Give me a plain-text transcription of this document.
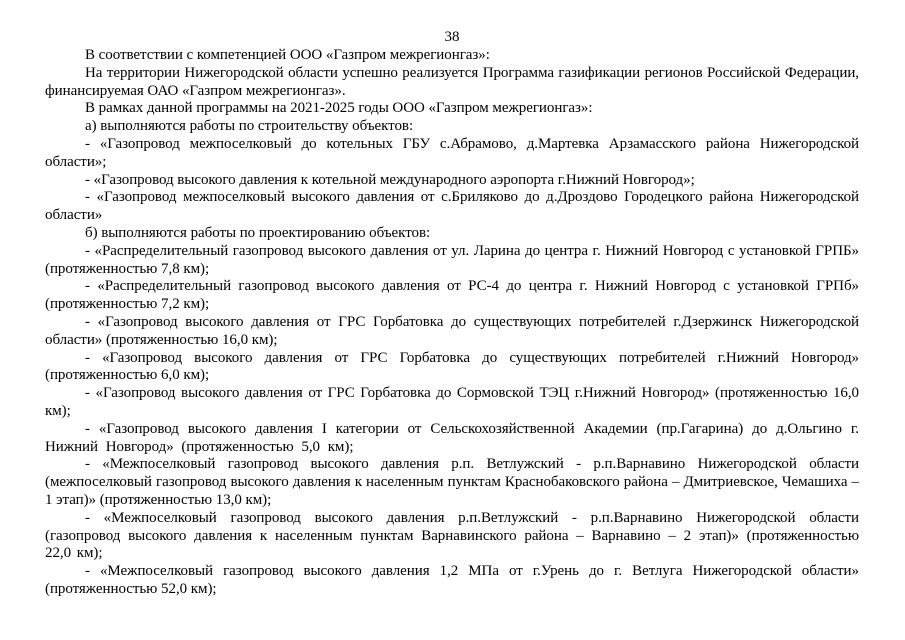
38

В соответствии с компетенцией ООО «Газпром межрегионгаз»:

На территории Нижегородской области успешно реализуется Программа газификации регионов Российской Федерации, финансируемая ОАО «Газпром межрегионгаз».

В рамках данной программы на 2021-2025 годы ООО «Газпром межрегионгаз»:

а) выполняются работы по строительству объектов:

- «Газопровод межпоселковый до котельных ГБУ с.Абрамово, д.Мартевка Арзамасского района Нижегородской области»;

- «Газопровод высокого давления к котельной международного аэропорта г.Нижний Новгород»;

- «Газопровод межпоселковый высокого давления от с.Бриляково до д.Дроздово Городецкого района Нижегородской области»

б) выполняются работы по проектированию объектов:

- «Распределительный газопровод высокого давления от ул. Ларина до центра г. Нижний Новгород с установкой ГРПБ» (протяженностью 7,8 км);

- «Распределительный газопровод высокого давления от РС-4 до центра г. Нижний Новгород с установкой ГРПб» (протяженностью 7,2 км);

- «Газопровод высокого давления от ГРС Горбатовка до существующих потребителей г.Дзержинск Нижегородской области» (протяженностью 16,0 км);

- «Газопровод высокого давления от ГРС Горбатовка до существующих потребителей г.Нижний Новгород» (протяженностью 6,0 км);

- «Газопровод высокого давления от ГРС Горбатовка до Сормовской ТЭЦ г.Нижний Новгород» (протяженностью 16,0 км);

- «Газопровод высокого давления I категории от Сельскохозяйственной Академии (пр.Гагарина) до д.Ольгино г. Нижний Новгород» (протяженностью 5,0 км);

- «Межпоселковый газопровод высокого давления р.п. Ветлужский - р.п.Варнавино Нижегородской области (межпоселковый газопровод высокого давления к населенным пунктам Краснобаковского района – Дмитриевское, Чемашиха – 1 этап)» (протяженностью 13,0 км);

- «Межпоселковый газопровод высокого давления р.п.Ветлужский - р.п.Варнавино Нижегородской области (газопровод высокого давления к населенным пунктам Варнавинского района – Варнавино – 2 этап)» (протяженностью 22,0 км);

- «Межпоселковый газопровод высокого давления 1,2 МПа от г.Урень до г. Ветлуга Нижегородской области» (протяженностью 52,0 км);
